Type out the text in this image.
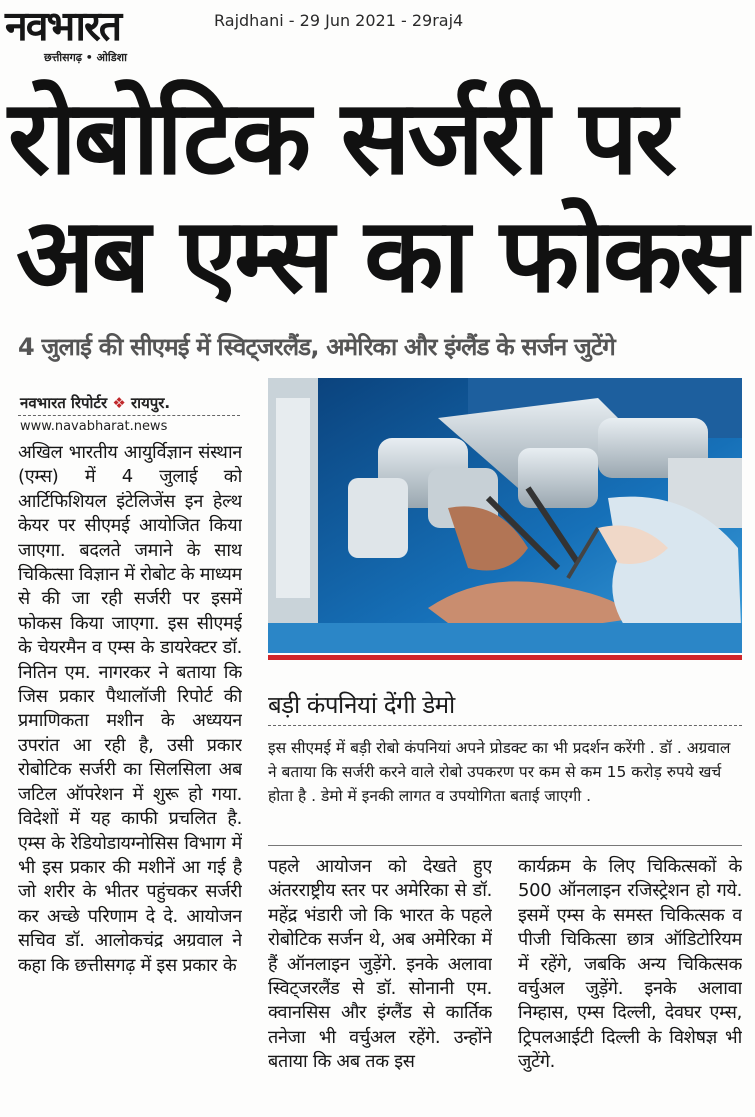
नवभारत
छत्तीसगढ़ • ओडिशा
Rajdhani - 29 Jun 2021 - 29raj4
रोबोटिक सर्जरी पर
अब एम्स का फोकस
4 जुलाई की सीएमई में स्विट्जरलैंड, अमेरिका और इंग्लैंड के सर्जन जुटेंगे
नवभारत रिपोर्टर ❖ रायपुर.
www.navabharat.news
अखिल भारतीय आयुर्विज्ञान संस्थान (एम्स) में 4 जुलाई को आर्टिफिशियल इंटेलिजेंस इन हेल्थ केयर पर सीएमई आयोजित किया जाएगा. बदलते जमाने के साथ चिकित्सा विज्ञान में रोबोट के माध्यम से की जा रही सर्जरी पर इसमें फोकस किया जाएगा. इस सीएमई के चेयरमैन व एम्स के डायरेक्टर डॉ. नितिन एम. नागरकर ने बताया कि जिस प्रकार पैथालॉजी रिपोर्ट की प्रमाणिकता मशीन के अध्ययन उपरांत आ रही है, उसी प्रकार रोबोटिक सर्जरी का सिलसिला अब जटिल ऑपरेशन में शुरू हो गया. विदेशों में यह काफी प्रचलित है. एम्स के रेडियोडायग्नोसिस विभाग में भी इस प्रकार की मशीनें आ गई है जो शरीर के भीतर पहुंचकर सर्जरी कर अच्छे परिणाम दे दे. आयोजन सचिव डॉ. आलोकचंद्र अग्रवाल ने कहा कि छत्तीसगढ़ में इस प्रकार के
बड़ी कंपनियां देंगी डेमो
इस सीएमई में बड़ी रोबो कंपनियां अपने प्रोडक्ट का भी प्रदर्शन करेंगी . डॉ . अग्रवाल ने बताया कि सर्जरी करने वाले रोबो उपकरण पर कम से कम 15 करोड़ रुपये खर्च होता है . डेमो में इनकी लागत व उपयोगिता बताई जाएगी .
पहले आयोजन को देखते हुए अंतरराष्ट्रीय स्तर पर अमेरिका से डॉ. महेंद्र भंडारी जो कि भारत के पहले रोबोटिक सर्जन थे, अब अमेरिका में हैं ऑनलाइन जुड़ेंगे. इनके अलावा स्विट्जरलैंड से डॉ. सोनानी एम. क्वानसिस और इंग्लैंड से कार्तिक तनेजा भी वर्चुअल रहेंगे. उन्होंने बताया कि अब तक इस
कार्यक्रम के लिए चिकित्सकों के 500 ऑनलाइन रजिस्ट्रेशन हो गये. इसमें एम्स के समस्त चिकित्सक व पीजी चिकित्सा छात्र ऑडिटोरियम में रहेंगे, जबकि अन्य चिकित्सक वर्चुअल जुड़ेंगे. इनके अलावा निम्हास, एम्स दिल्ली, देवघर एम्स, ट्रिपलआईटी दिल्ली के विशेषज्ञ भी जुटेंगे.
